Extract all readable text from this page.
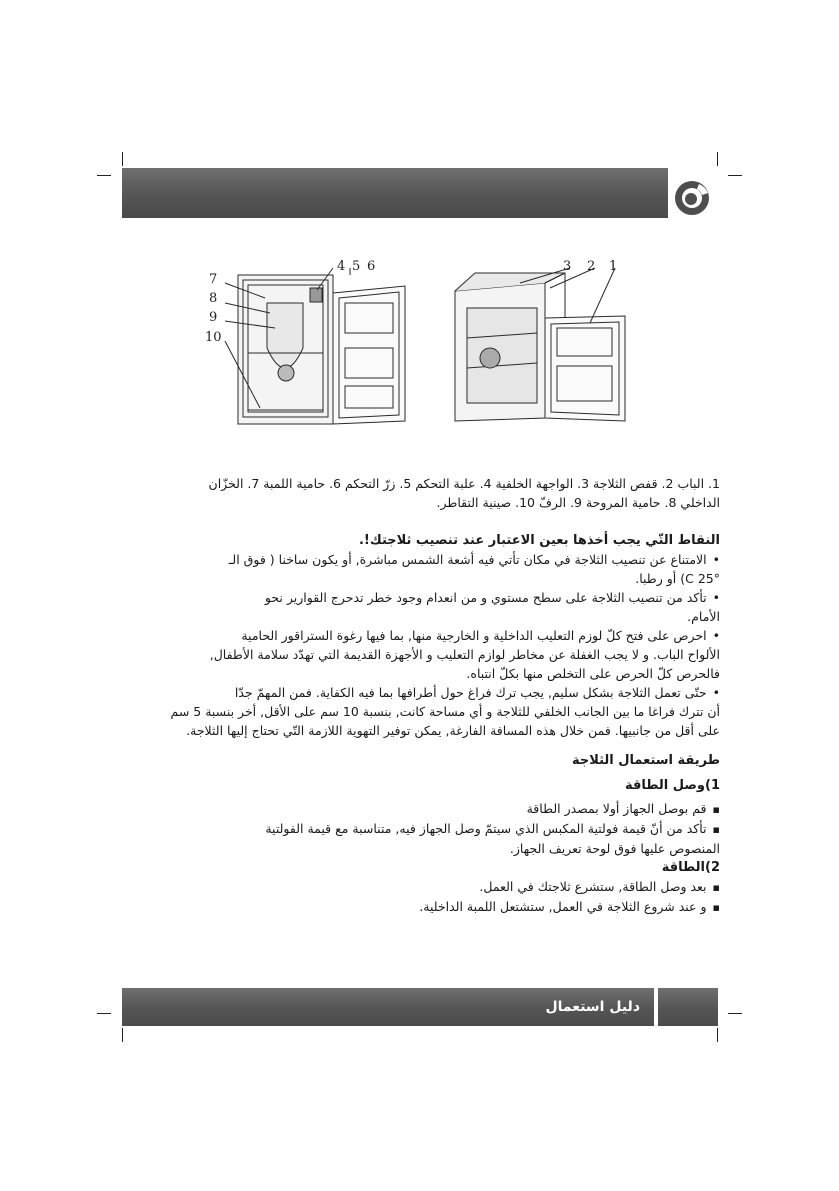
4 5 6
7
8
9
10
3 2 1

1. الباب 2. قفص الثلاجة 3. الواجهة الخلفية 4. علبة التحكم 5. زرّ التحكم 6. حامية اللمبة 7. الخزّان

الداخلي 8. حامية المروحة 9. الرفّ 10. صينية التقاطر.

النقاط التّي يجب أخذها بعين الاعتبار عند تنصيب ثلاجتك!.

• الامتناع عن تنصيب الثلاجة في مكان تأتي فيه أشعة الشمس مباشرة, أو يكون ساخنا ( فوق الـ

25° C) أو رطبا.

• تأكد من تنصيب الثلاجة على سطح مستوي و من انعدام وجود خطر تدحرج القوارير نحو

الأمام.

• احرص على فتح كلّ لوزم التعليب الداخلية و الخارجية منها, بما فيها رغوة الستراقور الحامية

الألواح الباب. و لا يجب الغفلة عن مخاطر لوازم التعليب و الأجهزة القديمة التي تهدّد سلامة الأطفال,

فالحرص كلّ الحرص على التخلص منها بكلّ انتباه.

• حتّى تعمل الثلاجة بشكل سليم, يجب ترك فراغ حول أطرافها بما فيه الكفاية. فمن المهمّ جدّا

أن تترك فراغا ما بين الجانب الخلفي للثلاجة و أي مساحة كانت, بنسبة 10 سم على الأقل, أخر بنسبة 5 سم

على أقل من جانبيها. فمن خلال هذه المسافة الفارغة, يمكن توفير التهوية اللازمة التّي تحتاج إليها الثلاجة.

طريقة استعمال الثلاجة

1)وصل الطاقة

▪ قم بوصل الجهاز أولا بمصدر الطاقة

▪ تأكد من أنّ قيمة فولتية المكبس الذي سيتمّ وصل الجهاز فيه, متناسبة مع قيمة الفولتية

المنصوص عليها فوق لوحة تعريف الجهاز.

2)الطاقة

▪ بعد وصل الطاقة, ستشرع ثلاجتك في العمل.

▪ و عند شروع الثلاجة في العمل, ستشتعل اللمبة الداخلية.

دليل استعمال
